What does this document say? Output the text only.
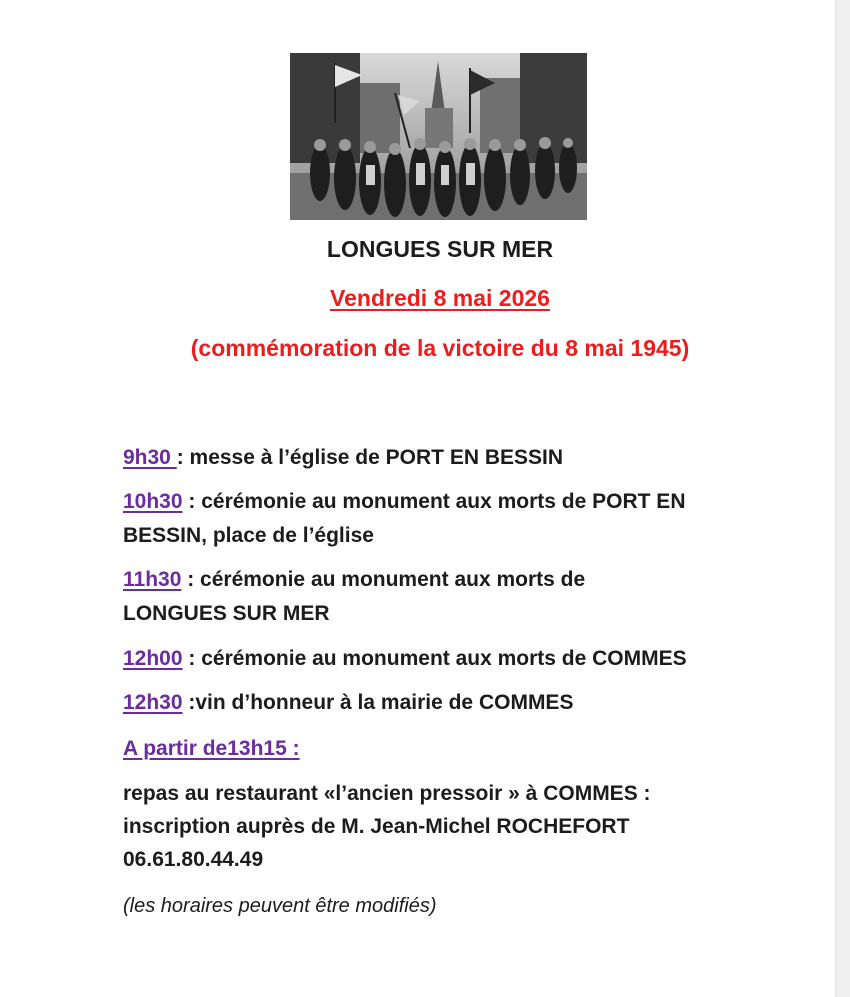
LONGUES SUR MER
Vendredi 8 mai 2026
(commémoration de la victoire du 8 mai 1945)
9h30 : messe à l’église de PORT EN BESSIN
10h30 : cérémonie au monument aux morts de PORT EN
BESSIN, place de l’église
11h30 : cérémonie au monument aux morts de
LONGUES SUR MER
12h00 : cérémonie au monument aux morts de COMMES
12h30 :vin d’honneur à la mairie de COMMES
A partir de13h15 :
repas au restaurant «l’ancien pressoir » à COMMES :
inscription auprès de M. Jean-Michel ROCHEFORT
06.61.80.44.49
(les horaires peuvent être modifiés)
